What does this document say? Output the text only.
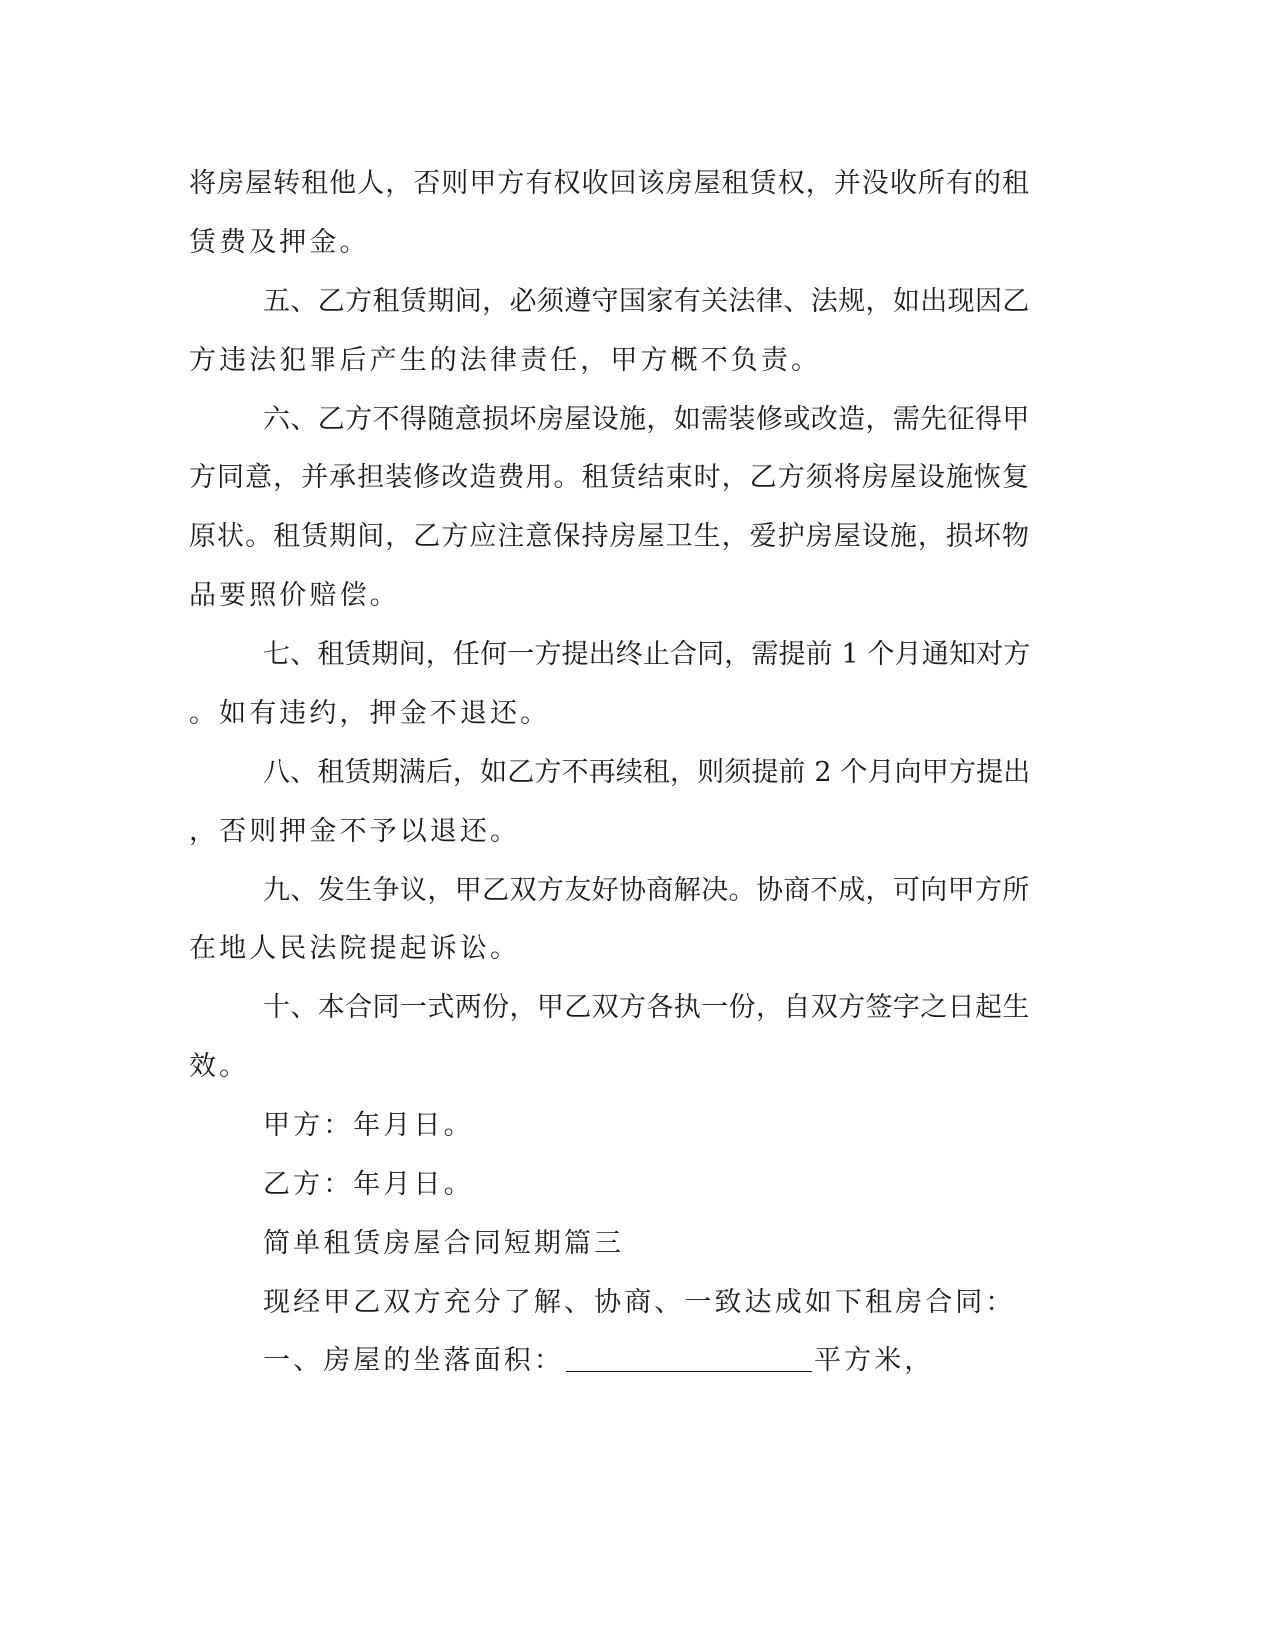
将房屋转租他人，否则甲方有权收回该房屋租赁权，并没收所有的租

赁费及押金。

五、乙方租赁期间，必须遵守国家有关法律、法规，如出现因乙

方违法犯罪后产生的法律责任，甲方概不负责。

六、乙方不得随意损坏房屋设施，如需装修或改造，需先征得甲

方同意，并承担装修改造费用。租赁结束时，乙方须将房屋设施恢复

原状。租赁期间，乙方应注意保持房屋卫生，爱护房屋设施，损坏物

品要照价赔偿。

七、租赁期间，任何一方提出终止合同，需提前 1 个月通知对方

。如有违约，押金不退还。

八、租赁期满后，如乙方不再续租，则须提前 2 个月向甲方提出

，否则押金不予以退还。

九、发生争议，甲乙双方友好协商解决。协商不成，可向甲方所

在地人民法院提起诉讼。

十、本合同一式两份，甲乙双方各执一份，自双方签字之日起生

效。

甲方：年月日。

乙方：年月日。

简单租赁房屋合同短期篇三

现经甲乙双方充分了解、协商、一致达成如下租房合同：

一、房屋的坐落面积：	平方米，
